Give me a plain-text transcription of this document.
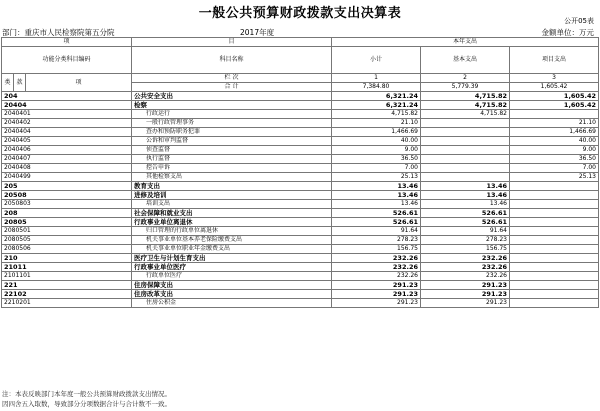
一般公共预算财政拨款支出决算表	公开05表
部门：重庆市人民检察院第五分院	2017年度	金额单位：万元
项			目	本年支出		
功能分类科目编码			科目名称	小计	基本支出	项目支出
类	款	项	栏 次	1	2	3
			合 计	7,384.80	5,779.39	1,605.42
204			公共安全支出	6,321.24	4,715.82	1,605.42
20404			检察	6,321.24	4,715.82	1,605.42
2040401			行政运行	4,715.82	4,715.82	
2040402			一般行政管理事务	21.10		21.10
2040404			查办和预防职务犯罪	1,466.69		1,466.69
2040405			公诉和审判监督	40.00		40.00
2040406			侦查监督	9.00		9.00
2040407			执行监督	36.50		36.50
2040408			控告申诉	7.00		7.00
2040499			其他检察支出	25.13		25.13
205			教育支出	13.46	13.46	
20508			进修及培训	13.46	13.46	
2050803			培训支出	13.46	13.46	
208			社会保障和就业支出	526.61	526.61	
20805			行政事业单位离退休	526.61	526.61	
2080501			归口管理的行政单位离退休	91.64	91.64	
2080505			机关事业单位基本养老保险缴费支出	278.23	278.23	
2080506			机关事业单位职业年金缴费支出	156.75	156.75	
210			医疗卫生与计划生育支出	232.26	232.26	
21011			行政事业单位医疗	232.26	232.26	
2101101			行政单位医疗	232.26	232.26	
221			住房保障支出	291.23	291.23	
22102			住房改革支出	291.23	291.23	
2210201			住房公积金	291.23	291.23	
注：本表反映部门本年度一般公共预算财政拨款支出情况。
因四舍五入取数，导致部分分项数据合计与合计数不一致。
